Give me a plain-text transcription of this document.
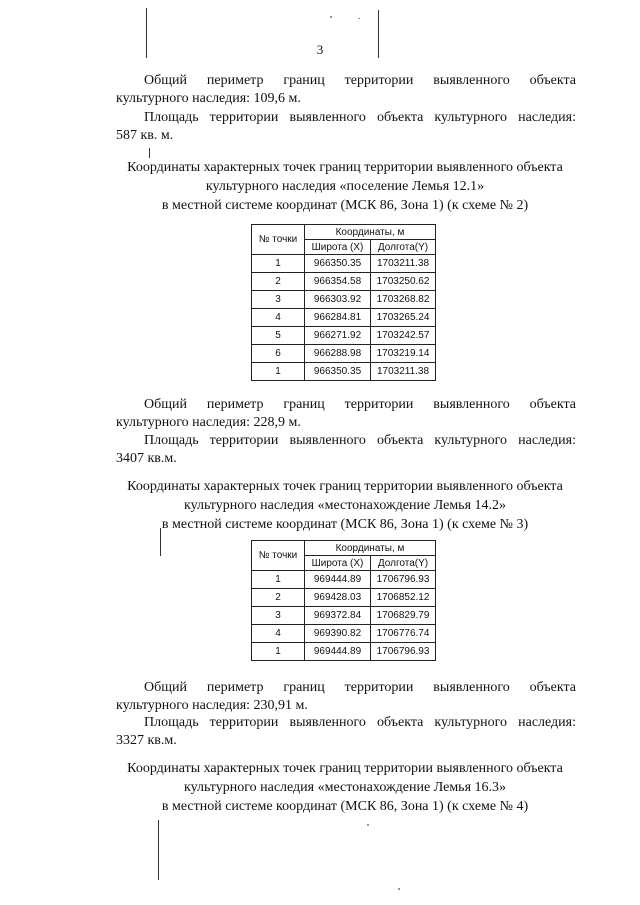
3
Общий периметр границ территории выявленного объекта
культурного наследия: 109,6 м.
Площадь территории выявленного объекта культурного наследия:
587 кв. м.
Координаты характерных точек границ территории выявленного объекта
культурного наследия «поселение Лемья 12.1»
в местной системе координат (МСК 86, Зона 1) (к схеме № 2)
№ точки	Координаты, м	
	Широта (X)	Долгота(Y)
1	966350.35	1703211.38
2	966354.58	1703250.62
3	966303.92	1703268.82
4	966284.81	1703265.24
5	966271.92	1703242.57
6	966288.98	1703219.14
1	966350.35	1703211.38
Общий периметр границ территории выявленного объекта
культурного наследия: 228,9 м.
Площадь территории выявленного объекта культурного наследия:
3407 кв.м.
Координаты характерных точек границ территории выявленного объекта
культурного наследия «местонахождение Лемья 14.2»
в местной системе координат (МСК 86, Зона 1) (к схеме № 3)
№ точки	Координаты, м	
	Широта (X)	Долгота(Y)
1	969444.89	1706796.93
2	969428.03	1706852.12
3	969372.84	1706829.79
4	969390.82	1706776.74
1	969444.89	1706796.93
Общий периметр границ территории выявленного объекта
культурного наследия: 230,91 м.
Площадь территории выявленного объекта культурного наследия:
3327 кв.м.
Координаты характерных точек границ территории выявленного объекта
культурного наследия «местонахождение Лемья 16.3»
в местной системе координат (МСК 86, Зона 1) (к схеме № 4)
